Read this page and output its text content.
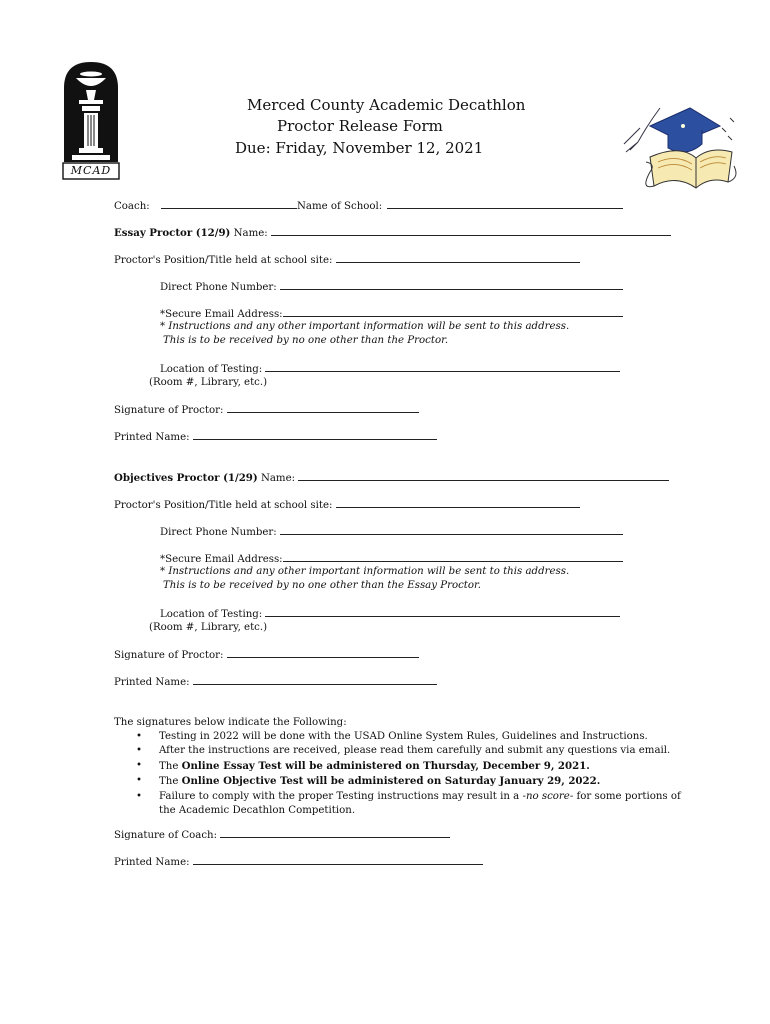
MCAD
Merced County Academic Decathlon
Proctor Release Form
Due: Friday, November 12, 2021
Coach:	Name of School:
Essay Proctor (12/9) Name:
Proctor's Position/Title held at school site:
Direct Phone Number:
*Secure Email Address:
* Instructions and any other important information will be sent to this address.
This is to be received by no one other than the Proctor.
Location of Testing:
(Room #, Library, etc.)
Signature of Proctor:
Printed Name:
Objectives Proctor (1/29) Name:
Proctor's Position/Title held at school site:
Direct Phone Number:
*Secure Email Address:
* Instructions and any other important information will be sent to this address.
This is to be received by no one other than the Essay Proctor.
Location of Testing:
(Room #, Library, etc.)
Signature of Proctor:
Printed Name:
The signatures below indicate the Following:
• Testing in 2022 will be done with the USAD Online System Rules, Guidelines and Instructions.
• After the instructions are received, please read them carefully and submit any questions via email.
• The Online Essay Test will be administered on Thursday, December 9, 2021.
• The Online Objective Test will be administered on Saturday January 29, 2022.
• Failure to comply with the proper Testing instructions may result in a -no score- for some portions of
the Academic Decathlon Competition.
Signature of Coach:
Printed Name:
